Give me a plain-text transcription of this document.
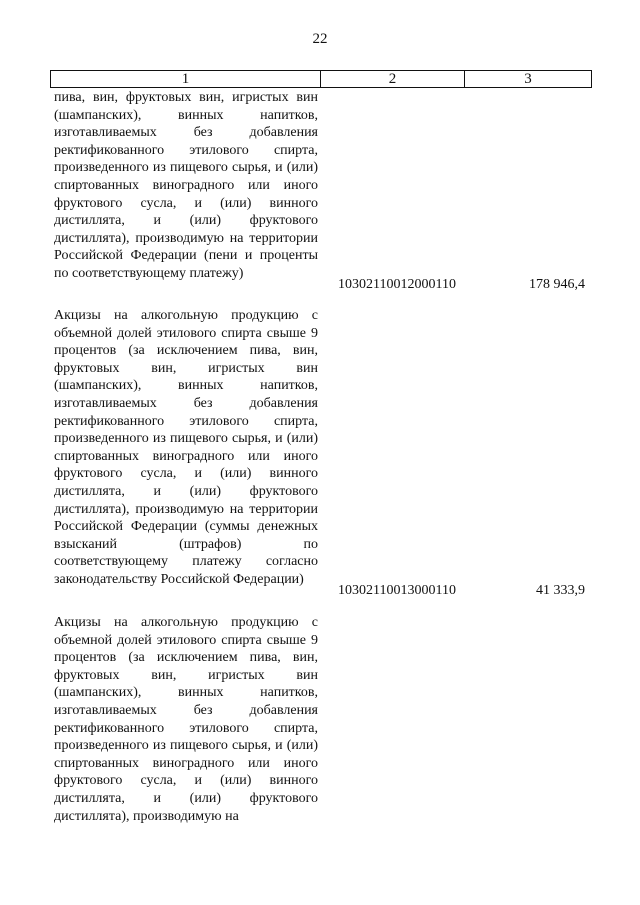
22
1	2	3

пива, вин, фруктовых вин, игристых вин (шампанских), винных напитков, изготавливаемых без добавления ректификованного этилового спирта, произведенного из пищевого сырья, и (или) спиртованных виноградного или иного фруктового сусла, и (или) винного дистиллята, и (или) фруктового дистиллята), производимую на территории Российской Федерации (пени и проценты по соответствующему платежу)

10302110012000110	178 946,4

Акцизы на алкогольную продукцию с объемной долей этилового спирта свыше 9 процентов (за исключением пива, вин, фруктовых вин, игристых вин (шампанских), винных напитков, изготавливаемых без добавления ректификованного этилового спирта, произведенного из пищевого сырья, и (или) спиртованных виноградного или иного фруктового сусла, и (или) винного дистиллята, и (или) фруктового дистиллята), производимую на территории Российской Федерации (суммы денежных взысканий (штрафов) по соответствующему платежу согласно законодательству Российской Федерации)

10302110013000110	41 333,9

Акцизы на алкогольную продукцию с объемной долей этилового спирта свыше 9 процентов (за исключением пива, вин, фруктовых вин, игристых вин (шампанских), винных напитков, изготавливаемых без добавления ректификованного этилового спирта, произведенного из пищевого сырья, и (или) спиртованных виноградного или иного фруктового сусла, и (или) винного дистиллята, и (или) фруктового дистиллята), производимую на
